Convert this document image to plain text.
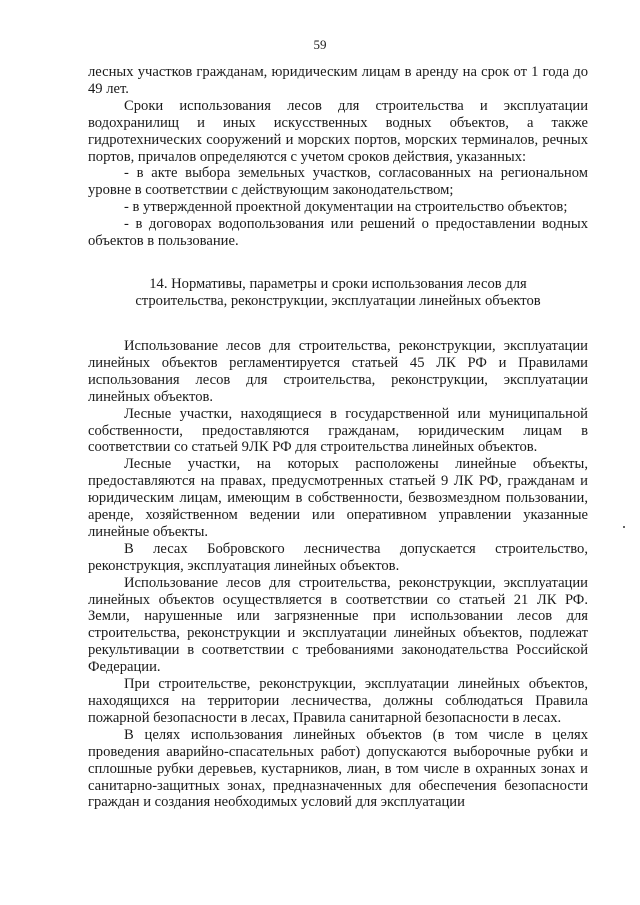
59

лесных участков гражданам, юридическим лицам в аренду на срок от 1 года до 49 лет.

Сроки использования лесов для строительства и эксплуатации водохранилищ и иных искусственных водных объектов, а также гидротехнических сооружений и морских портов, морских терминалов, речных портов, причалов определяются с учетом сроков действия, указанных:

- в акте выбора земельных участков, согласованных на региональном уровне в соответствии с действующим законодательством;

- в утвержденной проектной документации на строительство объектов;

- в договорах водопользования или решений о предоставлении водных объектов в пользование.

14. Нормативы, параметры и сроки использования лесов для строительства, реконструкции, эксплуатации линейных объектов

Использование лесов для строительства, реконструкции, эксплуатации линейных объектов регламентируется статьей 45 ЛК РФ и Правилами использования лесов для строительства, реконструкции, эксплуатации линейных объектов.

Лесные участки, находящиеся в государственной или муниципальной собственности, предоставляются гражданам, юридическим лицам в соответствии со статьей 9ЛК РФ для строительства линейных объектов.

Лесные участки, на которых расположены линейные объекты, предоставляются на правах, предусмотренных статьей 9 ЛК РФ, гражданам и юридическим лицам, имеющим в собственности, безвозмездном пользовании, аренде, хозяйственном ведении или оперативном управлении указанные линейные объекты.

В лесах Бобровского лесничества допускается строительство, реконструкция, эксплуатация линейных объектов.

Использование лесов для строительства, реконструкции, эксплуатации линейных объектов осуществляется в соответствии со статьей 21 ЛК РФ. Земли, нарушенные или загрязненные при использовании лесов для строительства, реконструкции и эксплуатации линейных объектов, подлежат рекультивации в соответствии с требованиями законодательства Российской Федерации.

При строительстве, реконструкции, эксплуатации линейных объектов, находящихся на территории лесничества, должны соблюдаться Правила пожарной безопасности в лесах, Правила санитарной безопасности в лесах.

В целях использования линейных объектов (в том числе в целях проведения аварийно-спасательных работ) допускаются выборочные рубки и сплошные рубки деревьев, кустарников, лиан, в том числе в охранных зонах и санитарно-защитных зонах, предназначенных для обеспечения безопасности граждан и создания необходимых условий для эксплуатации
